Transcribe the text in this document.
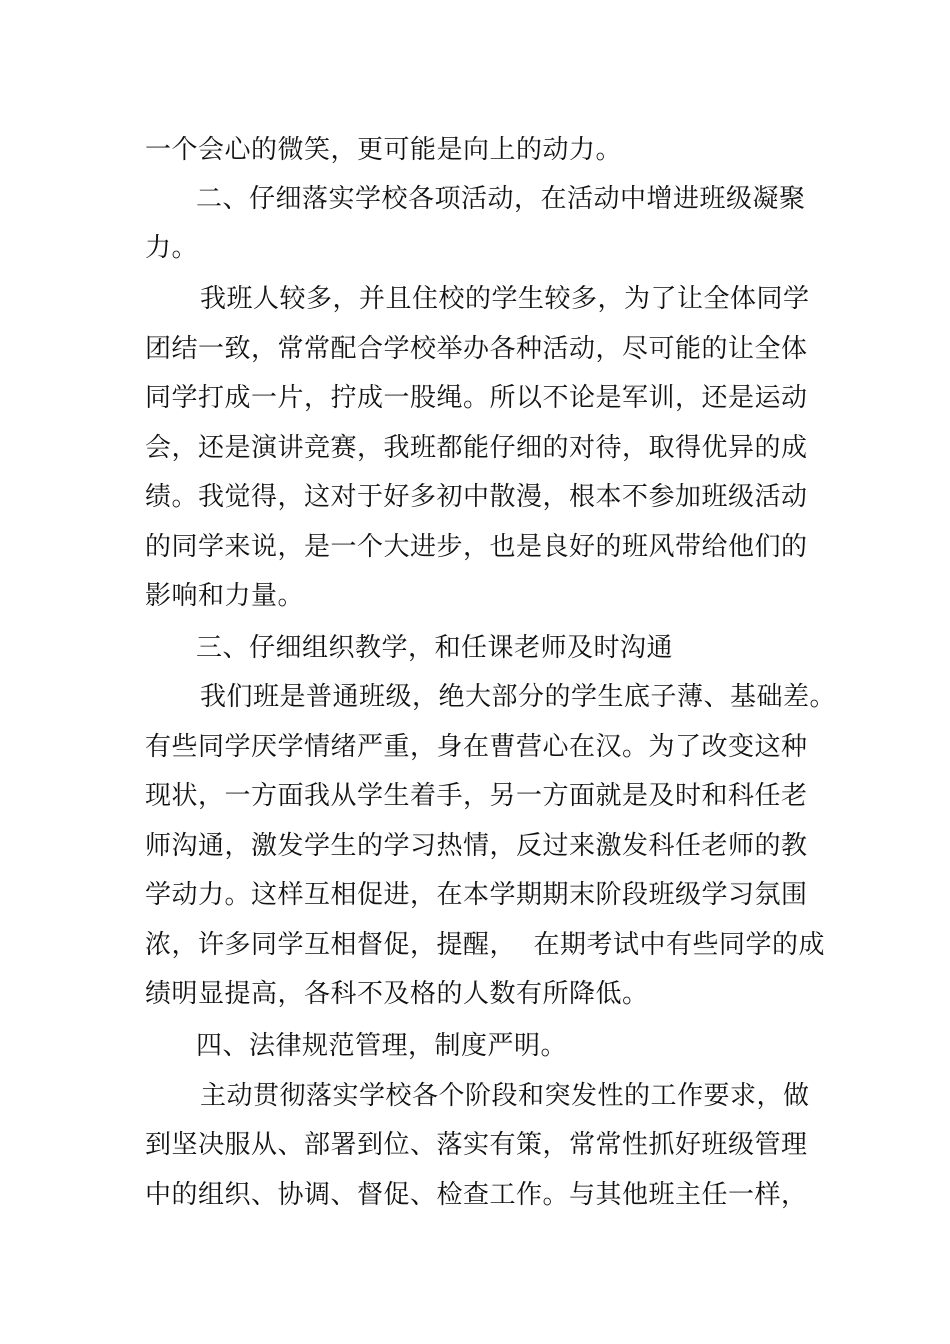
一个会心的微笑，更可能是向上的动力。

二、仔细落实学校各项活动，在活动中增进班级凝聚

力。

我班人较多，并且住校的学生较多，为了让全体同学

团结一致，常常配合学校举办各种活动，尽可能的让全体

同学打成一片，拧成一股绳。所以不论是军训，还是运动

会，还是演讲竞赛，我班都能仔细的对待，取得优异的成

绩。我觉得，这对于好多初中散漫，根本不参加班级活动

的同学来说，是一个大进步，也是良好的班风带给他们的

影响和力量。

三、仔细组织教学，和任课老师及时沟通

我们班是普通班级，绝大部分的学生底子薄、基础差。

有些同学厌学情绪严重，身在曹营心在汉。为了改变这种

现状，一方面我从学生着手，另一方面就是及时和科任老

师沟通，激发学生的学习热情，反过来激发科任老师的教

学动力。这样互相促进，在本学期期末阶段班级学习氛围

浓，许多同学互相督促，提醒，  在期考试中有些同学的成

绩明显提高，各科不及格的人数有所降低。

四、法律规范管理，制度严明。

主动贯彻落实学校各个阶段和突发性的工作要求，做

到坚决服从、部署到位、落实有策，常常性抓好班级管理

中的组织、协调、督促、检查工作。与其他班主任一样，
